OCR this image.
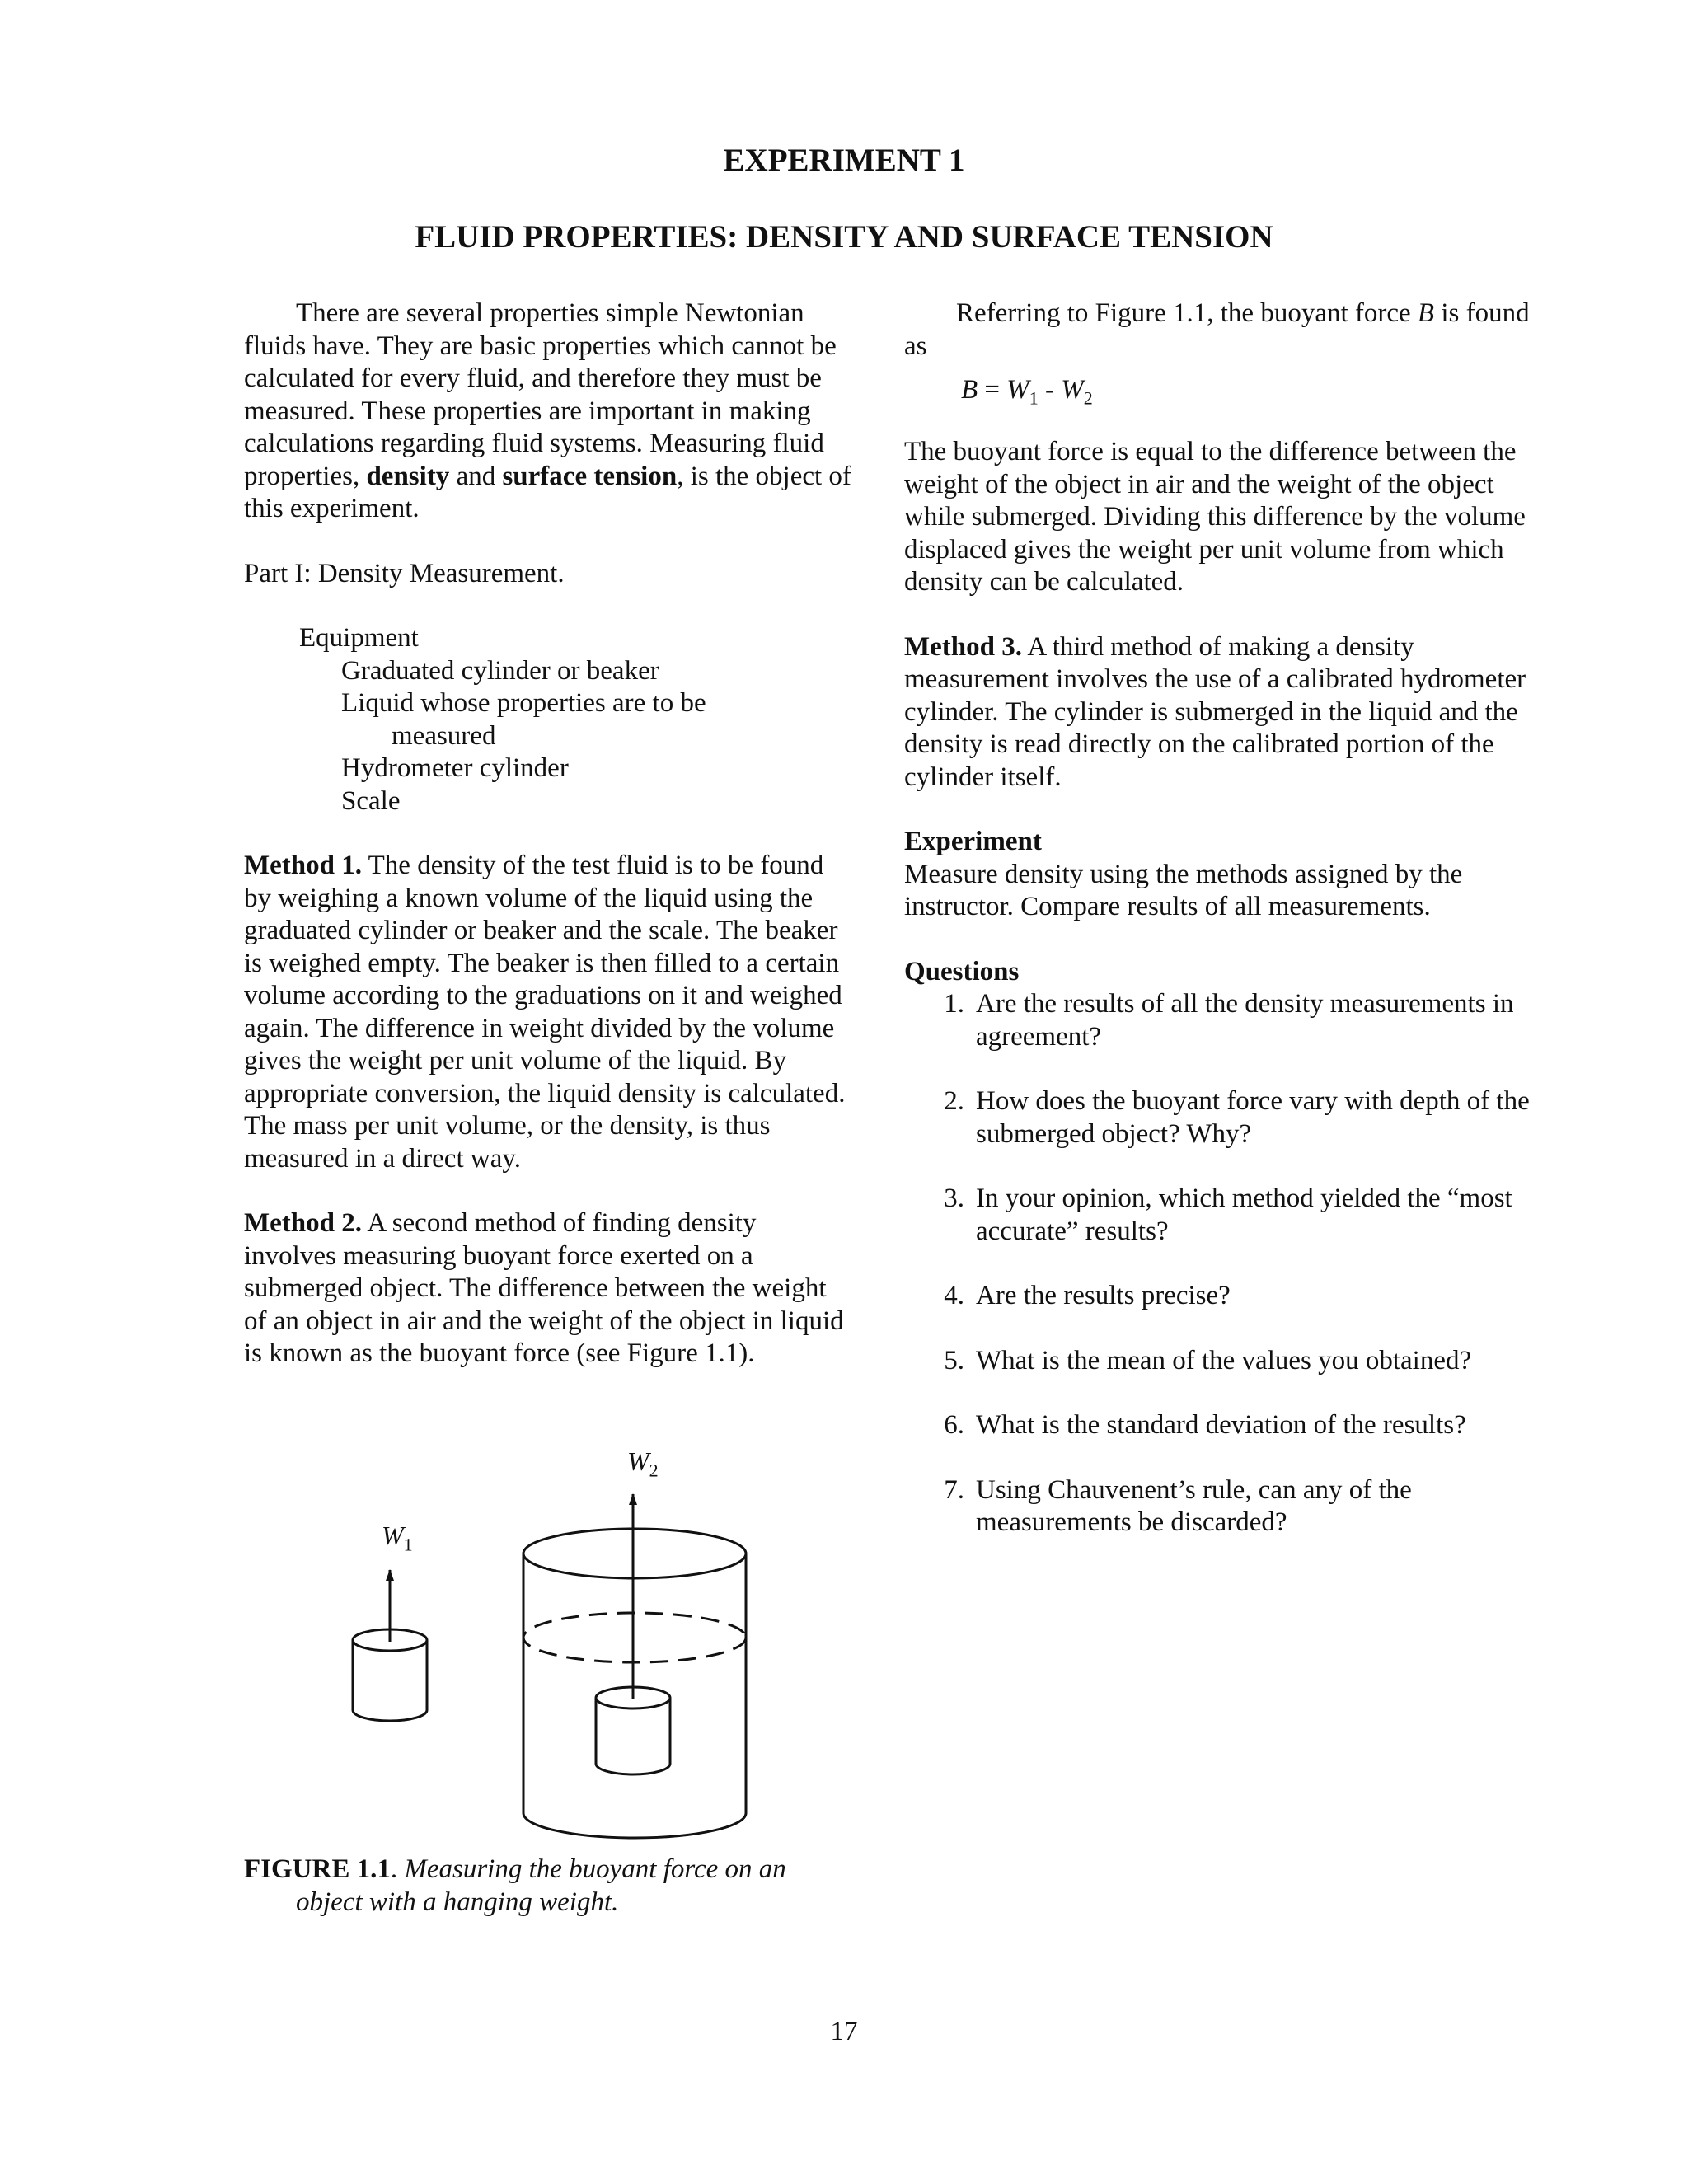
EXPERIMENT 1
FLUID PROPERTIES: DENSITY AND SURFACE TENSION

There are several properties simple Newtonian fluids have. They are basic properties which cannot be calculated for every fluid, and therefore they must be measured. These properties are important in making calculations regarding fluid systems. Measuring fluid properties, density and surface tension, is the object of this experiment.

Part I: Density Measurement.

Equipment

Graduated cylinder or beaker

Liquid whose properties are to be

measured

Hydrometer cylinder

Scale

Method 1. The density of the test fluid is to be found by weighing a known volume of the liquid using the graduated cylinder or beaker and the scale. The beaker is weighed empty. The beaker is then filled to a certain volume according to the graduations on it and weighed again. The difference in weight divided by the volume gives the weight per unit volume of the liquid. By appropriate conversion, the liquid density is calculated. The mass per unit volume, or the density, is thus measured in a direct way.

Method 2. A second method of finding density involves measuring buoyant force exerted on a submerged object. The difference between the weight of an object in air and the weight of the object in liquid is known as the buoyant force (see Figure 1.1).

$W_1$
$W_2$
FIGURE 1.1. Measuring the buoyant force on an
object with a hanging weight.

Referring to Figure 1.1, the buoyant force B is found as

$B = W_1 - W_2$

The buoyant force is equal to the difference between the weight of the object in air and the weight of the object while submerged. Dividing this difference by the volume displaced gives the weight per unit volume from which density can be calculated.

Method 3. A third method of making a density measurement involves the use of a calibrated hydrometer cylinder. The cylinder is submerged in the liquid and the density is read directly on the calibrated portion of the cylinder itself.

Experiment

Measure density using the methods assigned by the instructor. Compare results of all measurements.

Questions

1. Are the results of all the density measurements in agreement?
2. How does the buoyant force vary with depth of the submerged object? Why?
3. In your opinion, which method yielded the “most accurate” results?
4. Are the results precise?
5. What is the mean of the values you obtained?
6. What is the standard deviation of the results?
7. Using Chauvenent’s rule, can any of the measurements be discarded?
17
